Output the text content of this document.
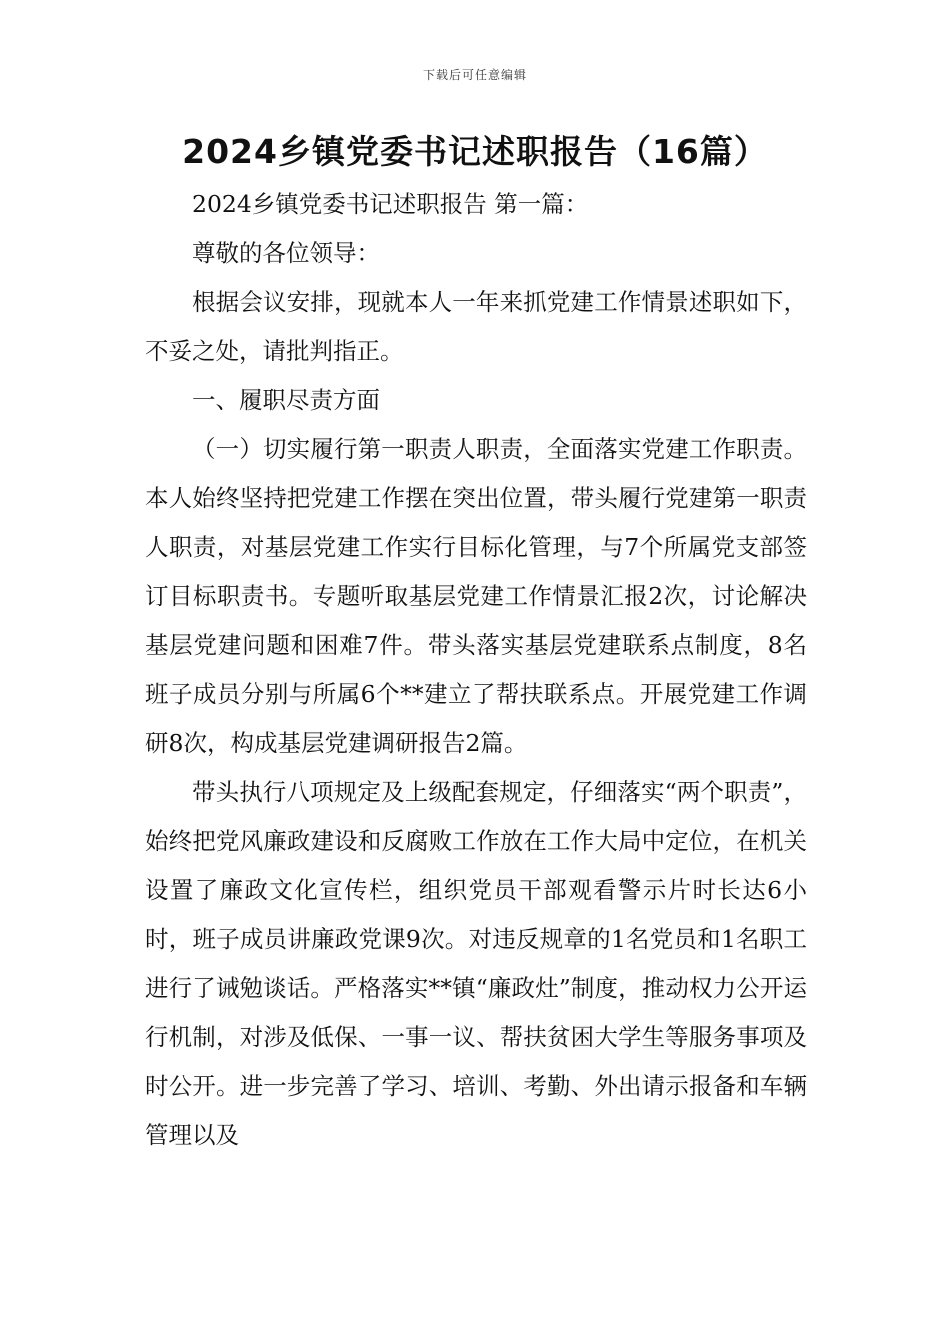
下载后可任意编辑
2024乡镇党委书记述职报告（16篇）

2024乡镇党委书记述职报告 第一篇：

尊敬的各位领导：

根据会议安排，现就本人一年来抓党建工作情景述职如下，不妥之处，请批判指正。

一、履职尽责方面

（一）切实履行第一职责人职责，全面落实党建工作职责。本人始终坚持把党建工作摆在突出位置，带头履行党建第一职责人职责，对基层党建工作实行目标化管理，与7个所属党支部签订目标职责书。专题听取基层党建工作情景汇报2次，讨论解决基层党建问题和困难7件。带头落实基层党建联系点制度，8名班子成员分别与所属6个**建立了帮扶联系点。开展党建工作调研8次，构成基层党建调研报告2篇。

带头执行八项规定及上级配套规定，仔细落实“两个职责”，始终把党风廉政建设和反腐败工作放在工作大局中定位，在机关设置了廉政文化宣传栏，组织党员干部观看警示片时长达6小时，班子成员讲廉政党课9次。对违反规章的1名党员和1名职工进行了诫勉谈话。严格落实**镇“廉政灶”制度，推动权力公开运行机制，对涉及低保、一事一议、帮扶贫困大学生等服务事项及时公开。进一步完善了学习、培训、考勤、外出请示报备和车辆管理以及
